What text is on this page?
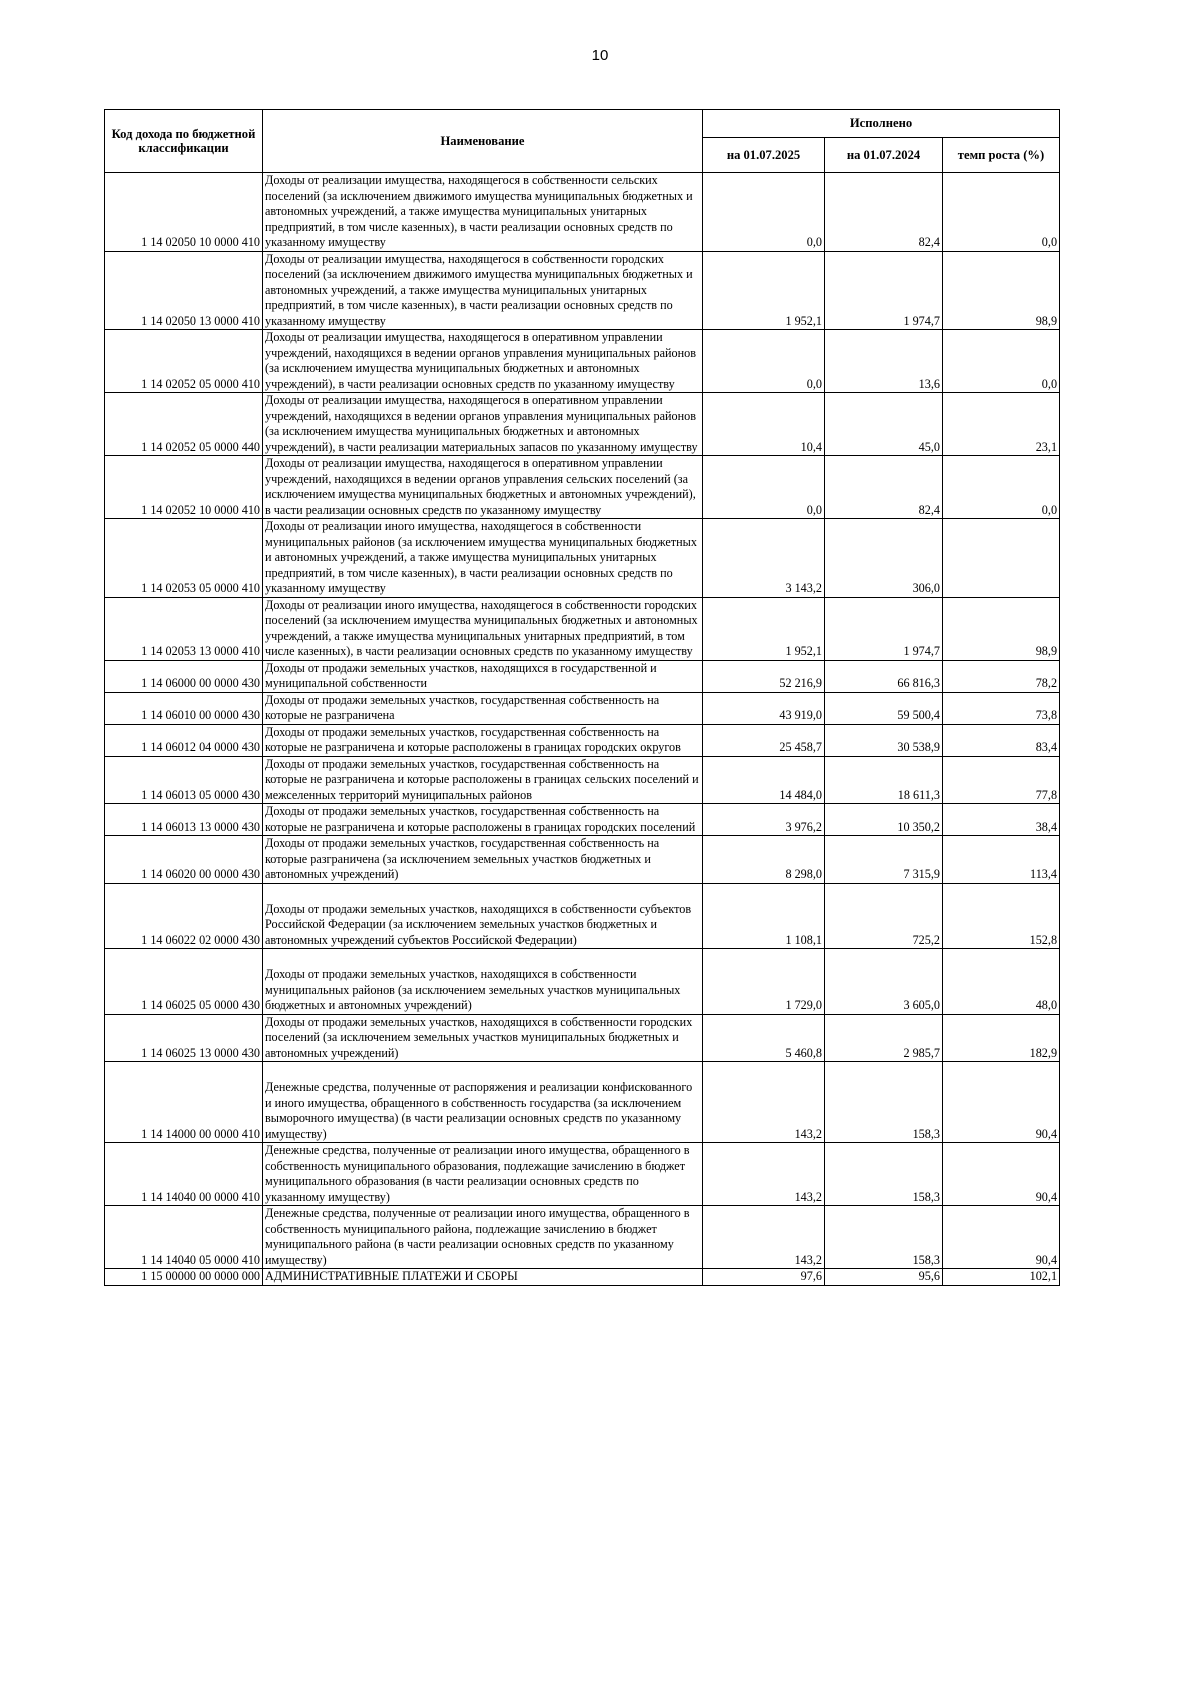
10
Код дохода по бюджетной классификации	Наименование	Исполнено		
		на 01.07.2025	на 01.07.2024	темп роста (%)
1 14 02050 10 0000 410	Доходы от реализации имущества, находящегося в собственности сельских поселений (за исключением движимого имущества муниципальных бюджетных и автономных учреждений, а также имущества муниципальных унитарных предприятий, в том числе казенных), в части реализации основных средств по указанному имуществу	0,0	82,4	0,0
1 14 02050 13 0000 410	Доходы от реализации имущества, находящегося в собственности городских поселений (за исключением движимого имущества муниципальных бюджетных и автономных учреждений, а также имущества муниципальных унитарных предприятий, в том числе казенных), в части реализации основных средств по указанному имуществу	1 952,1	1 974,7	98,9
1 14 02052 05 0000 410	Доходы от реализации имущества, находящегося в оперативном управлении учреждений, находящихся в ведении органов управления муниципальных районов (за исключением имущества муниципальных бюджетных и автономных учреждений), в части реализации основных средств по указанному имуществу	0,0	13,6	0,0
1 14 02052 05 0000 440	Доходы от реализации имущества, находящегося в оперативном управлении учреждений, находящихся в ведении органов управления муниципальных районов (за исключением имущества муниципальных бюджетных и автономных учреждений), в части реализации материальных запасов по указанному имуществу	10,4	45,0	23,1
1 14 02052 10 0000 410	Доходы от реализации имущества, находящегося в оперативном управлении учреждений, находящихся в ведении органов управления сельских поселений (за исключением имущества муниципальных бюджетных и автономных учреждений), в части реализации основных средств по указанному имуществу	0,0	82,4	0,0
1 14 02053 05 0000 410	Доходы от реализации иного имущества, находящегося в собственности муниципальных районов (за исключением имущества муниципальных бюджетных и автономных учреждений, а также имущества муниципальных унитарных предприятий, в том числе казенных), в части реализации основных средств по указанному имуществу	3 143,2	306,0	
1 14 02053 13 0000 410	Доходы от реализации иного имущества, находящегося в собственности городских поселений (за исключением имущества муниципальных бюджетных и автономных учреждений, а также имущества муниципальных унитарных предприятий, в том числе казенных), в части реализации основных средств по указанному имуществу	1 952,1	1 974,7	98,9
1 14 06000 00 0000 430	Доходы от продажи земельных участков, находящихся в государственной и муниципальной собственности	52 216,9	66 816,3	78,2
1 14 06010 00 0000 430	Доходы от продажи земельных участков, государственная собственность на которые не разграничена	43 919,0	59 500,4	73,8
1 14 06012 04 0000 430	Доходы от продажи земельных участков, государственная собственность на которые не разграничена и которые расположены в границах городских округов	25 458,7	30 538,9	83,4
1 14 06013 05 0000 430	Доходы от продажи земельных участков, государственная собственность на которые не разграничена и которые расположены в границах сельских поселений и межселенных территорий муниципальных районов	14 484,0	18 611,3	77,8
1 14 06013 13 0000 430	Доходы от продажи земельных участков, государственная собственность на которые не разграничена и которые расположены в границах городских поселений	3 976,2	10 350,2	38,4
1 14 06020 00 0000 430	Доходы от продажи земельных участков, государственная собственность на которые разграничена (за исключением земельных участков бюджетных и автономных учреждений)	8 298,0	7 315,9	113,4
1 14 06022 02 0000 430	Доходы от продажи земельных участков, находящихся в собственности субъектов Российской Федерации (за исключением земельных участков бюджетных и автономных учреждений субъектов Российской Федерации)	1 108,1	725,2	152,8
1 14 06025 05 0000 430	Доходы от продажи земельных участков, находящихся в собственности муниципальных районов (за исключением земельных участков муниципальных бюджетных и автономных учреждений)	1 729,0	3 605,0	48,0
1 14 06025 13 0000 430	Доходы от продажи земельных участков, находящихся в собственности городских поселений (за исключением земельных участков муниципальных бюджетных и автономных учреждений)	5 460,8	2 985,7	182,9
1 14 14000 00 0000 410	Денежные средства, полученные от распоряжения и реализации конфискованного и иного имущества, обращенного в собственность государства (за исключением выморочного имущества) (в части реализации основных средств по указанному имуществу)	143,2	158,3	90,4
1 14 14040 00 0000 410	Денежные средства, полученные от реализации иного имущества, обращенного в собственность муниципального образования, подлежащие зачислению в бюджет муниципального образования (в части реализации основных средств по указанному имуществу)	143,2	158,3	90,4
1 14 14040 05 0000 410	Денежные средства, полученные от реализации иного имущества, обращенного в собственность муниципального района, подлежащие зачислению в бюджет муниципального района (в части реализации основных средств по указанному имуществу)	143,2	158,3	90,4
1 15 00000 00 0000 000	АДМИНИСТРАТИВНЫЕ ПЛАТЕЖИ И СБОРЫ	97,6	95,6	102,1
